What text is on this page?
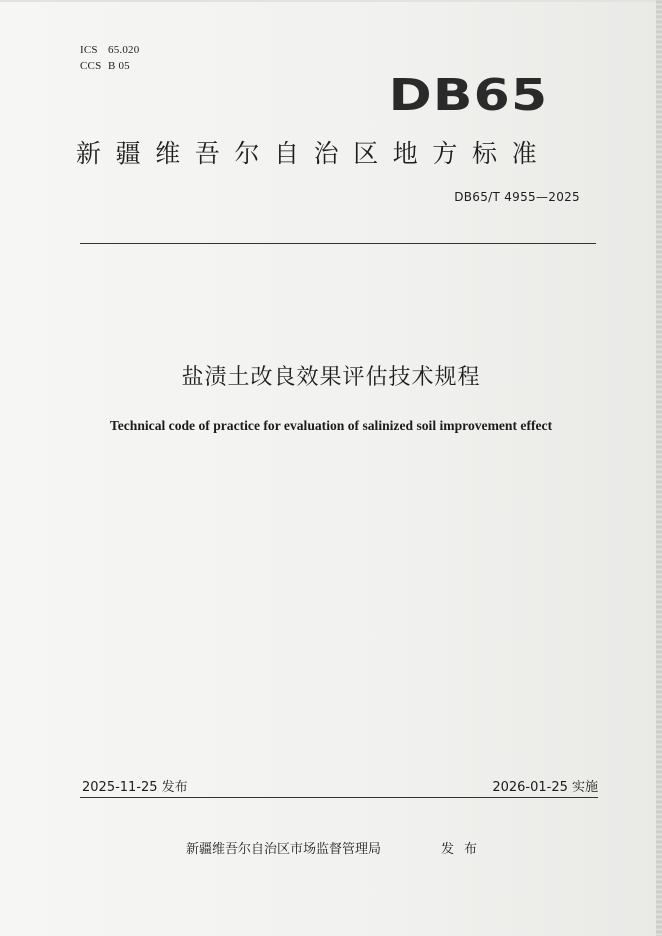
ICS 65.020
CCS B 05
DB65
新疆维吾尔自治区地方标准
DB65/T 4955—2025
盐渍土改良效果评估技术规程
Technical code of practice for evaluation of salinized soil improvement effect
2025-11-25 发布	2026-01-25 实施
新疆维吾尔自治区市场监督管理局	发布
